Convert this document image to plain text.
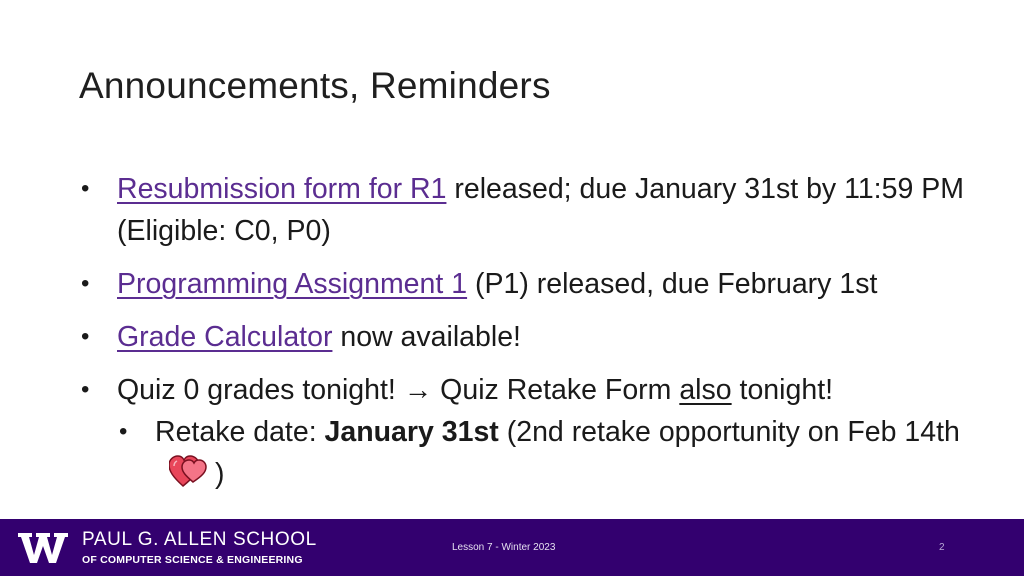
Announcements, Reminders
• Resubmission form for R1 released; due January 31st by 11:59 PM (Eligible: C0, P0)
• Programming Assignment 1 (P1) released, due February 1st
• Grade Calculator now available!
• Quiz 0 grades tonight! → Quiz Retake Form also tonight!
• Retake date: January 31st (2nd retake opportunity on Feb 14th)
PAUL G. ALLEN SCHOOL
OF COMPUTER SCIENCE & ENGINEERING
Lesson 7 - Winter 2023	2
